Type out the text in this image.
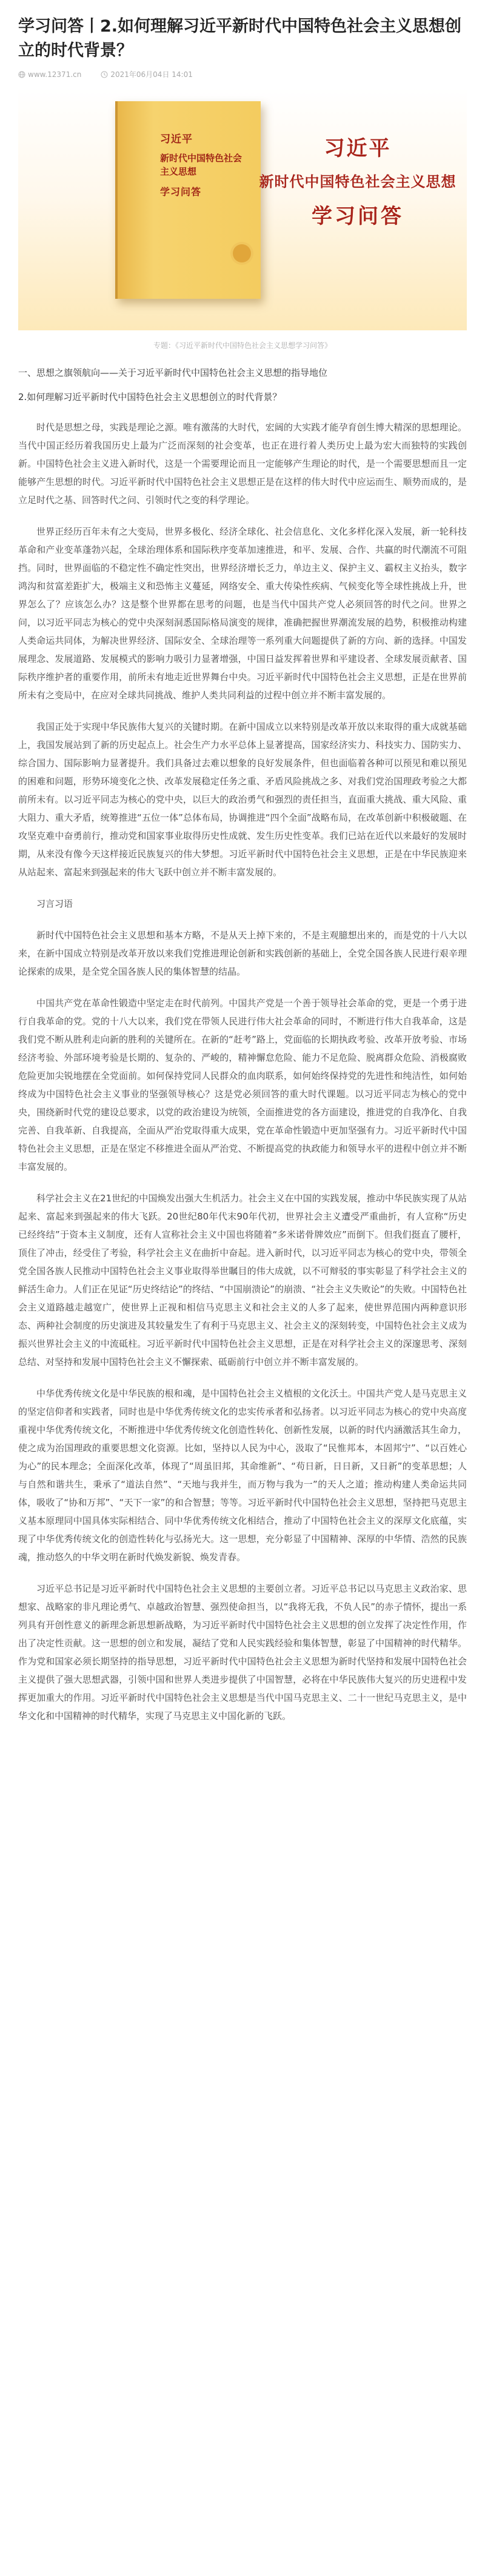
学习问答丨2.如何理解习近平新时代中国特色社会主义思想创立的时代背景？
www.12371.cn	2021年06月04日 14:01
习近平
新时代中国特色社会主义思想
学习问答
习近平
新时代中国特色社会主义思想
学习问答
专题：《习近平新时代中国特色社会主义思想学习问答》

一、思想之旗领航向——关于习近平新时代中国特色社会主义思想的指导地位

2.如何理解习近平新时代中国特色社会主义思想创立的时代背景？

时代是思想之母，实践是理论之源。唯有激荡的大时代，宏阔的大实践才能孕育创生博大精深的思想理论。当代中国正经历着我国历史上最为广泛而深刻的社会变革，也正在进行着人类历史上最为宏大而独特的实践创新。中国特色社会主义进入新时代，这是一个需要理论而且一定能够产生理论的时代，是一个需要思想而且一定能够产生思想的时代。习近平新时代中国特色社会主义思想正是在这样的伟大时代中应运而生、顺势而成的，是立足时代之基、回答时代之问、引领时代之变的科学理论。

世界正经历百年未有之大变局，世界多极化、经济全球化、社会信息化、文化多样化深入发展，新一轮科技革命和产业变革蓬勃兴起，全球治理体系和国际秩序变革加速推进，和平、发展、合作、共赢的时代潮流不可阻挡。同时，世界面临的不稳定性不确定性突出，世界经济增长乏力，单边主义、保护主义、霸权主义抬头，数字鸿沟和贫富差距扩大，极端主义和恐怖主义蔓延，网络安全、重大传染性疾病、气候变化等全球性挑战上升，世界怎么了？应该怎么办？这是整个世界都在思考的问题，也是当代中国共产党人必须回答的时代之问。世界之问，以习近平同志为核心的党中央深刻洞悉国际格局演变的规律，准确把握世界潮流发展的趋势，积极推动构建人类命运共同体，为解决世界经济、国际安全、全球治理等一系列重大问题提供了新的方向、新的选择。中国发展理念、发展道路、发展模式的影响力吸引力显著增强，中国日益发挥着世界和平建设者、全球发展贡献者、国际秩序维护者的重要作用，前所未有地走近世界舞台中央。习近平新时代中国特色社会主义思想，正是在世界前所未有之变局中，在应对全球共同挑战、维护人类共同利益的过程中创立并不断丰富发展的。

我国正处于实现中华民族伟大复兴的关键时期。在新中国成立以来特别是改革开放以来取得的重大成就基础上，我国发展站到了新的历史起点上。社会生产力水平总体上显著提高，国家经济实力、科技实力、国防实力、综合国力、国际影响力显著提升。我们具备过去难以想象的良好发展条件，但也面临着各种可以预见和难以预见的困难和问题，形势环境变化之快、改革发展稳定任务之重、矛盾风险挑战之多、对我们党治国理政考验之大都前所未有。以习近平同志为核心的党中央，以巨大的政治勇气和强烈的责任担当，直面重大挑战、重大风险、重大阻力、重大矛盾，统筹推进“五位一体”总体布局，协调推进“四个全面”战略布局，在改革创新中积极破题、在攻坚克难中奋勇前行，推动党和国家事业取得历史性成就、发生历史性变革。我们已站在近代以来最好的发展时期，从来没有像今天这样接近民族复兴的伟大梦想。习近平新时代中国特色社会主义思想，正是在中华民族迎来从站起来、富起来到强起来的伟大飞跃中创立并不断丰富发展的。

习言习语

新时代中国特色社会主义思想和基本方略，不是从天上掉下来的，不是主观臆想出来的，而是党的十八大以来，在新中国成立特别是改革开放以来我们党推进理论创新和实践创新的基础上，全党全国各族人民进行艰辛理论探索的成果，是全党全国各族人民的集体智慧的结晶。

中国共产党在革命性锻造中坚定走在时代前列。中国共产党是一个善于领导社会革命的党，更是一个勇于进行自我革命的党。党的十八大以来，我们党在带领人民进行伟大社会革命的同时，不断进行伟大自我革命，这是我们党不断从胜利走向新的胜利的关键所在。在新的“赶考”路上，党面临的长期执政考验、改革开放考验、市场经济考验、外部环境考验是长期的、复杂的、严峻的，精神懈怠危险、能力不足危险、脱离群众危险、消极腐败危险更加尖锐地摆在全党面前。如何保持党同人民群众的血肉联系，如何始终保持党的先进性和纯洁性，如何始终成为中国特色社会主义事业的坚强领导核心？这是党必须回答的重大时代课题。以习近平同志为核心的党中央，围绕新时代党的建设总要求，以党的政治建设为统领，全面推进党的各方面建设，推进党的自我净化、自我完善、自我革新、自我提高，全面从严治党取得重大成果，党在革命性锻造中更加坚强有力。习近平新时代中国特色社会主义思想，正是在坚定不移推进全面从严治党、不断提高党的执政能力和领导水平的进程中创立并不断丰富发展的。

科学社会主义在21世纪的中国焕发出强大生机活力。社会主义在中国的实践发展，推动中华民族实现了从站起来、富起来到强起来的伟大飞跃。20世纪80年代末90年代初，世界社会主义遭受严重曲折，有人宣称“历史已经终结”于资本主义制度，还有人宣称社会主义中国也将随着“多米诺骨牌效应”而倒下。但我们挺直了腰杆，顶住了冲击，经受住了考验，科学社会主义在曲折中奋起。进入新时代，以习近平同志为核心的党中央，带领全党全国各族人民推动中国特色社会主义事业取得举世瞩目的伟大成就，以不可辩驳的事实彰显了科学社会主义的鲜活生命力。人们正在见证“历史终结论”的终结、“中国崩溃论”的崩溃、“社会主义失败论”的失败。中国特色社会主义道路越走越宽广，使世界上正视和相信马克思主义和社会主义的人多了起来，使世界范围内两种意识形态、两种社会制度的历史演进及其较量发生了有利于马克思主义、社会主义的深刻转变，中国特色社会主义成为振兴世界社会主义的中流砥柱。习近平新时代中国特色社会主义思想，正是在对科学社会主义的深邃思考、深刻总结、对坚持和发展中国特色社会主义不懈探索、砥砺前行中创立并不断丰富发展的。

中华优秀传统文化是中华民族的根和魂，是中国特色社会主义植根的文化沃土。中国共产党人是马克思主义的坚定信仰者和实践者，同时也是中华优秀传统文化的忠实传承者和弘扬者。以习近平同志为核心的党中央高度重视中华优秀传统文化，不断推进中华优秀传统文化创造性转化、创新性发展，以新的时代内涵激活其生命力，使之成为治国理政的重要思想文化资源。比如，坚持以人民为中心，汲取了“民惟邦本，本固邦宁”、“以百姓心为心”的民本理念；全面深化改革，体现了“周虽旧邦，其命维新”、“苟日新，日日新，又日新”的变革思想；人与自然和谐共生，秉承了“道法自然”、“天地与我并生，而万物与我为一”的天人之道；推动构建人类命运共同体，吸收了“协和万邦”、“天下一家”的和合智慧；等等。习近平新时代中国特色社会主义思想，坚持把马克思主义基本原理同中国具体实际相结合、同中华优秀传统文化相结合，推动了中国特色社会主义的深厚文化底蕴，实现了中华优秀传统文化的创造性转化与弘扬光大。这一思想，充分彰显了中国精神、深厚的中华情、浩然的民族魂，推动悠久的中华文明在新时代焕发新貌、焕发青春。

习近平总书记是习近平新时代中国特色社会主义思想的主要创立者。习近平总书记以马克思主义政治家、思想家、战略家的非凡理论勇气、卓越政治智慧、强烈使命担当，以“我将无我，不负人民”的赤子情怀，提出一系列具有开创性意义的新理念新思想新战略，为习近平新时代中国特色社会主义思想的创立发挥了决定性作用，作出了决定性贡献。这一思想的创立和发展，凝结了党和人民实践经验和集体智慧，彰显了中国精神的时代精华。作为党和国家必须长期坚持的指导思想，习近平新时代中国特色社会主义思想为新时代坚持和发展中国特色社会主义提供了强大思想武器，引领中国和世界人类进步提供了中国智慧，必将在中华民族伟大复兴的历史进程中发挥更加重大的作用。习近平新时代中国特色社会主义思想是当代中国马克思主义、二十一世纪马克思主义，是中华文化和中国精神的时代精华，实现了马克思主义中国化新的飞跃。
